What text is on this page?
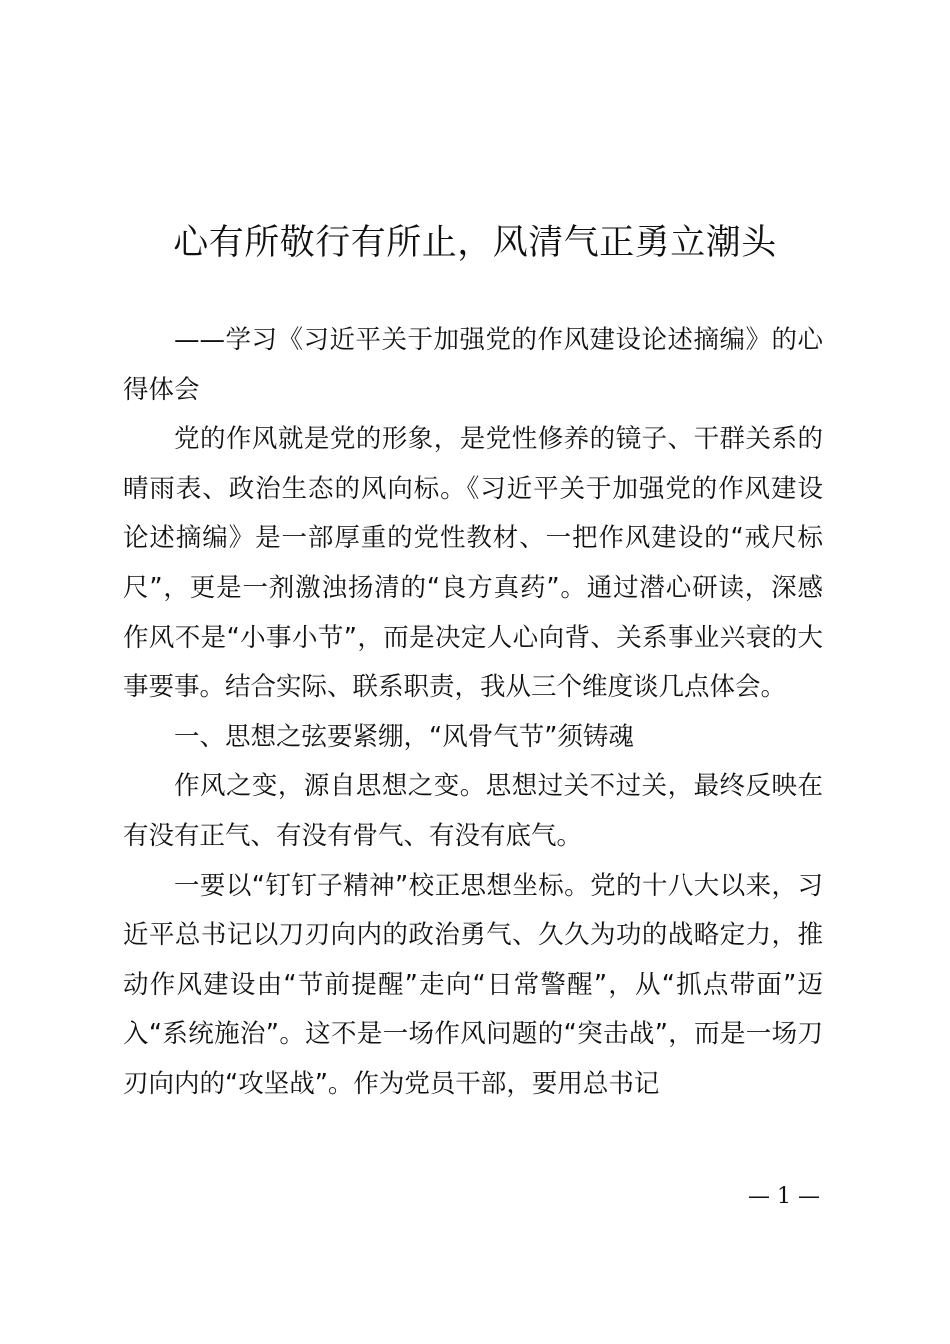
心有所敬行有所止，风清气正勇立潮头

——学习《习近平关于加强党的作风建设论述摘编》的心得体会

党的作风就是党的形象，是党性修养的镜子、干群关系的晴雨表、政治生态的风向标。《习近平关于加强党的作风建设论述摘编》是一部厚重的党性教材、一把作风建设的“戒尺标尺”，更是一剂激浊扬清的“良方真药”。通过潜心研读，深感作风不是“小事小节”，而是决定人心向背、关系事业兴衰的大事要事。结合实际、联系职责，我从三个维度谈几点体会。

一、思想之弦要紧绷，“风骨气节”须铸魂

作风之变，源自思想之变。思想过关不过关，最终反映在有没有正气、有没有骨气、有没有底气。

一要以“钉钉子精神”校正思想坐标。党的十八大以来，习近平总书记以刀刃向内的政治勇气、久久为功的战略定力，推动作风建设由“节前提醒”走向“日常警醒”，从“抓点带面”迈入“系统施治”。这不是一场作风问题的“突击战”，而是一场刀刃向内的“攻坚战”。作为党员干部，要用总书记

— 1 —
